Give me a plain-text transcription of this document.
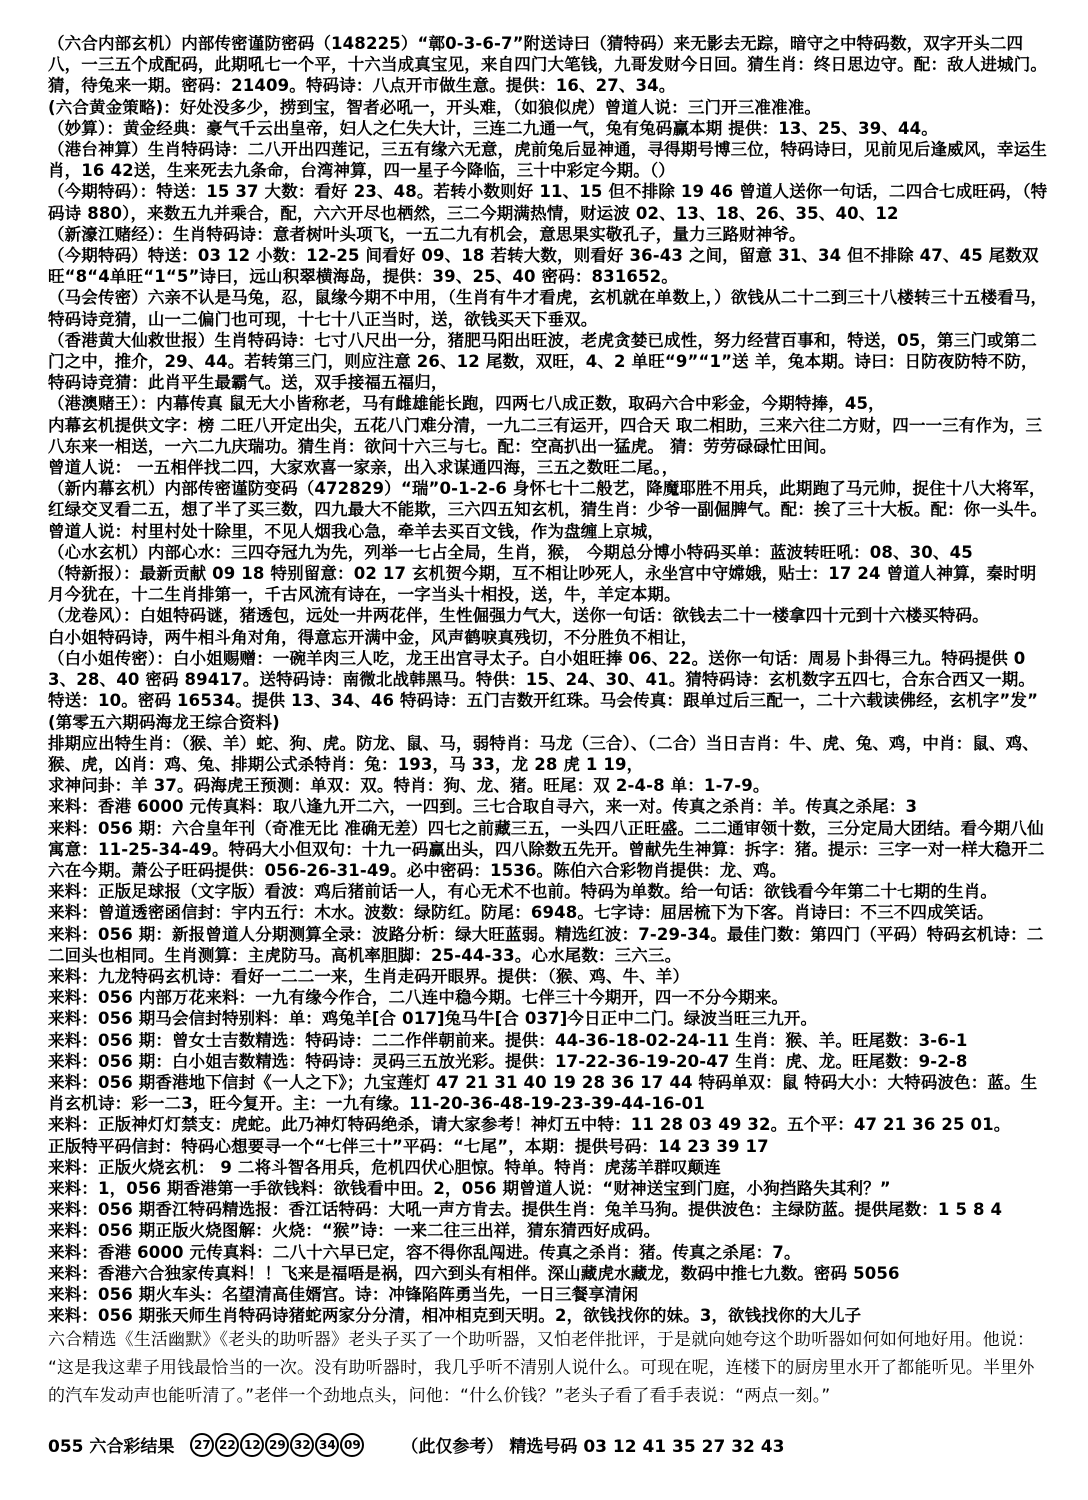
（六合内部玄机）内部传密谨防密码（148225）“鄣0-3-6-7”附送诗曰（猜特码）来无影去无踪，暗守之中特码数，双字开头二四八，一三五个成配码，此期吼七一个平，十六当成真宝见，来自四门大笔钱，九哥发财今日回。猜生肖：终日思边守。配：敌人进城门。猜，待兔来一期。密码：21409。特码诗：八点开市做生意。提供：16、27、34。

(六合黄金策略)：好处没多少，捞到宝，智者必吼一，开头难，（如狼似虎）曾道人说：三门开三准准准。

（妙算）：黄金经典：豪气千云出皇帝，妇人之仁失大计，三连二九通一气，兔有兔码赢本期 提供：13、25、39、44。

（港台神算）生肖特码诗：二八开出四莲记，三五有缘六无意，虎前兔后显神通，寻得期号博三位，特码诗曰，见前见后逢威风，幸运生肖，16 42送，生来死去九条命，台湾神算，四一星子今降临，三十中彩定今期。（）

（今期特码）：特送：15 37 大数：看好 23、48。若转小数则好 11、15 但不排除 19 46 曾道人送你一句话，二四合七成旺码，（特码诗 880），来数五九并乘合，配，六六开尽也栖然，三二今期满热情，财运波 02、13、18、26、35、40、12

（新濠江赌经）：生肖特码诗：意者树叶头项飞，一五二九有机会，意思果实敬孔子，量力三路财神爷。

（今期特码）特送：03 12 小数：12-25 间看好 09、18 若转大数，则看好 36-43 之间，留意 31、34 但不排除 47、45 尾数双旺“8“4单旺“1“5”诗曰，远山积翠横海岛，提供：39、25、40 密码：831652。

（马会传密）六亲不认是马兔，忍，鼠缘今期不中用，（生肖有牛才看虎，玄机就在单数上，）欲钱从二十二到三十八楼转三十五楼看马，特码诗竞猜，山一二偏门也可现，十七十八正当时，送，欲钱买天下垂双。

（香港黄大仙救世报）生肖特码诗：七寸八尺出一分，猪肥马阳出旺波，老虎贪婪已成性，努力经营百事和，特送，05，第三门或第二门之中，推介，29、44。若转第三门，则应注意 26、12 尾数，双旺，4、2 单旺“9”“1”送 羊，兔本期。诗曰：日防夜防特不防，特码诗竞猜：此肖平生最霸气。送，双手接福五福归，

（港澳赌王）：内幕传真 鼠无大小皆称老，马有雌雄能长跑，四两七八成正数，取码六合中彩金，今期特捧，45，

内幕玄机提供文字：榜 二旺八开定出尖，五花八门难分清，一九二三有运开，四合天 取二相助，三来六往二方财，四一一三有作为，三八东来一相送，一六二九庆瑞功。猜生肖：欲问十六三与七。配：空高扒出一猛虎。 猜：劳劳碌碌忙田间。

曾道人说： 一五相伴找二四，大家欢喜一家亲，出入求谋通四海，三五之数旺二尾。，

（新内幕玄机）内部传密谨防变码（472829）“瑞”0-1-2-6 身怀七十二般艺，降魔耶胜不用兵，此期跑了马元帅，捉住十八大将军，红绿交叉看二五，想了半了买三数，四九最大不能欺，三六四五知玄机，猜生肖：少爷一副倔脾气。配：挨了三十大板。配：你一头牛。曾道人说：村里村处十除里，不见人烟我心急，牵羊去买百文钱，作为盘缠上京城，

（心水玄机）内部心水：三四夺冠九为先，列举一七占全局，生肖，猴， 今期总分博小特码买单：蓝波转旺吼：08、30、45

（特新报）：最新贡献 09 18 特别留意：02 17 玄机贺今期，互不相让吵死人，永坐宫中守嫦娥，贴士：17 24 曾道人神算，秦时明月今犹在，十二生肖排第一，千古风流有诗在，一字当头十相投，送，牛，羊定本期。

（龙卷风）：白姐特码谜，猪透包，远处一井两花伴，生性倔强力气大，送你一句话：欲钱去二十一楼拿四十元到十六楼买特码。

白小姐特码诗，两牛相斗角对角，得意忘开满中金，风声鹤唳真残切，不分胜负不相让，

（白小姐传密）：白小姐赐赠：一碗羊肉三人吃，龙王出宫寻太子。白小姐旺捧 06、22。送你一句话：周易卜卦得三九。特码提供 03、28、40 密码 89417。送特码诗：南微北战韩黑马。特供：15、24、30、41。猜特码诗：玄机数字五四七，合东合西又一期。特送：10。密码 16534。提供 13、34、46 特码诗：五门吉数开红珠。马会传真：跟单过后三配一，二十六载读佛经，玄机字”发”

(第零五六期码海龙王综合资料)

排期应出特生肖：（猴、羊）蛇、狗、虎。防龙、鼠、马，弱特肖：马龙（三合）、（二合）当日吉肖：牛、虎、兔、鸡，中肖：鼠、鸡、猴、虎，凶肖：鸡、兔、排期公式杀特肖：兔：193，马 33，龙 28 虎 1 19，

求神问卦：羊 37。码海虎王预测：单双：双。特肖：狗、龙、猪。旺尾：双 2-4-8 单：1-7-9。

来料：香港 6000 元传真料：取八逢九开二六，一四到。三七合取自寻六，来一对。传真之杀肖：羊。传真之杀尾：3

来料：056 期：六合皇年刊（奇准无比 准确无差）四七之前藏三五，一头四八正旺盛。二二通审领十数，三分定局大团结。看今期八仙寓意：11-25-34-49。特码大小但双句：十九一码赢出头，四八除数五先开。曾献先生神算：拆字：猪。提示：三字一对一样大稳开二六在今期。萧公子旺码提供：056-26-31-49。必中密码：1536。陈伯六合彩物肖提供：龙、鸡。

来料：正版足球报（文字版）看波：鸡后猪前话一人，有心无术不也前。特码为单数。给一句话：欲钱看今年第二十七期的生肖。

来料：曾道透密函信封：宇内五行：木水。波数：绿防红。防尾：6948。七字诗：屈居梳下为下客。肖诗曰：不三不四成笑话。

来料：056 期：新报曾道人分期测算全录：波路分析：绿大旺蓝弱。精选红波：7-29-34。最佳门数：第四门（平码）特码玄机诗：二二回头也相同。生肖测算：主虎防马。高机率胆脚：25-44-33。心水尾数：三六三。

来料：九龙特码玄机诗：看好一二二一来，生肖走码开眼界。提供：（猴、鸡、牛、羊）

来料：056 内部万花来料：一九有缘今作合，二八连中稳今期。七伴三十今期开，四一不分今期来。

来料：056 期马会信封特别料：单：鸡兔羊[合 017]兔马牛[合 037]今日正中二门。绿波当旺三九开。

来料：056 期：曾女士吉数精选：特码诗：二二作伴朝前来。提供：44-36-18-02-24-11 生肖：猴、羊。旺尾数：3-6-1

来料：056 期：白小姐吉数精选：特码诗：灵码三五放光彩。提供：17-22-36-19-20-47 生肖：虎、龙。旺尾数：9-2-8

来料：056 期香港地下信封《一人之下》；九宝莲灯 47 21 31 40 19 28 36 17 44 特码单双：鼠 特码大小：大特码波色：蓝。生肖玄机诗：彩一二3，旺今复开。主：一九有缘。11-20-36-48-19-23-39-44-16-01

来料：正版神灯灯禁支：虎蛇。此乃神灯特码绝杀，请大家参考！神灯五中特：11 28 03 49 32。五个平：47 21 36 25 01。

正版特平码信封：特码心想要寻一个“七伴三十”平码：“七尾”，本期：提供号码：14 23 39 17

来料：正版火烧玄机： 9 二将斗智各用兵，危机四伏心胆惊。特单。特肖：虎荡羊群叹颠连

来料：1，056 期香港第一手欲钱料：欲钱看中田。2，056 期曾道人说：“财神送宝到门庭，小狗挡路失其利？”

来料：056 期香江特码精选报：香江话特码：大吼一声方肯去。提供生肖：兔羊马狗。提供波色：主绿防蓝。提供尾数：1 5 8 4

来料：056 期正版火烧图解：火烧：“猴”诗：一来二往三出祥，猜东猜西好成码。

来料：香港 6000 元传真料：二八十六早已定，容不得你乱闯进。传真之杀肖：猪。传真之杀尾：7。

来料：香港六合独家传真料！！飞来是福唔是祸，四六到头有相伴。深山藏虎水藏龙，数码中推七九数。密码 5056

来料：056 期火车头：名望清高佳婿宫。诗：冲锋陷阵勇当先，一日三餐享清闲

来料：056 期张天师生肖特码诗猪蛇两家分分清，相冲相克到天明。2，欲钱找你的妹。3，欲钱找你的大儿子

六合精选《生活幽默》《老头的助听器》老头子买了一个助听器，又怕老伴批评，于是就向她夸这个助听器如何如何地好用。他说：

“这是我这辈子用钱最恰当的一次。没有助听器时，我几乎听不清别人说什么。可现在呢，连楼下的厨房里水开了都能听见。半里外的汽车发动声也能听清了。”老伴一个劲地点头，问他：“什么价钱？”老头子看了看手表说：“两点一刻。”

055 六合彩结果	27 22 12 29 32 34 09 （此仅参考） 精选号码 03 12 41 35 27 32 43
